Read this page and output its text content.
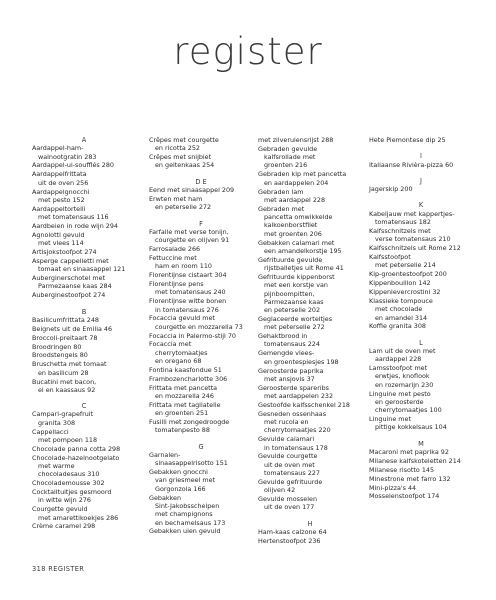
register
A
Aardappel-ham-
walnootgratin 283
Aardappel-ui-soufflés 280
Aardappelfrittata
uit de oven 256
Aardappelgnocchi
met pesto 152
Aardappeltortelli
met tomatensaus 116
Aardbeien in rode wijn 294
Agnolotti gevuld
met vlees 114
Artisjokstoofpot 274
Asperge cappelletti met
tomaat en sinaasappel 121
Auberginerschotel met
Parmezaanse kaas 284
Auberginestoofpot 274
B
Basilicumfrittata 248
Beignets uit de Emilia 46
Broccoli-preitaart 78
Broodringen 80
Broodstengels 80
Bruschetta met tomaat
en basilicum 28
Bucatini met bacon,
ei en kaassaus 92
C
Campari-grapefruit
granita 308
Cappellacci
met pompoen 118
Chocolade panna cotta 298
Chocolade-hazelnootgelato
met warme
chocoladesaus 310
Chocolademousse 302
Cocktailtuitjes gesmoord
in witte wijn 276
Courgette gevuld
met amarettikoekjes 286
Crème caramel 298
Crêpes met courgette
en ricotta 252
Crêpes met snijbiet
en geitenkaas 254
D E
Eend met sinaasappel 209
Erwten met ham
en peterselie 272
F
Farfalle met verse tonijn,
courgette en olijven 91
Farrosalade 266
Fettuccine met
ham en room 110
Florentijnse cistaart 304
Florentijnse pens
met tomatensaus 240
Florentijnse witte bonen
in tomatensaus 276
Focaccia gevuld met
courgette en mozzarella 73
Focaccia in Palermo-stijl 70
Focaccia met
cherrytomaatjes
en oregano 68
Fontina kaasfondue 51
Frambozencharlotte 306
Frittata met pancetta
en mozzarella 246
Frittata met tagliatelle
en groenten 251
Fusilli met zongedroogde
tomatenpesto 88
G
Garnalen-
sinaasappelrisotto 151
Gebakken gnocchi
van griesmeel met
Gorgonzola 166
Gebakken
Sint-Jakobsschelpen
met champignons
en bechamelsaus 173
Gebakken uien gevuld
met zilveruiensrijst 288
Gebraden gevulde
kalfsrollade met
groenten 216
Gebraden kip met pancetta
en aardappelen 204
Gebraden lam
met aardappel 228
Gebraden met
pancetta omwikkelde
kalkoenborstfilet
met groenten 206
Gebakken calamari met
een amandelkorstje 195
Gefrituurde gevulde
rijstballetjes uit Rome 41
Gefrituurde kippenborst
met een korstje van
pijnboompitten,
Parmezaanse kaas
en peterselie 202
Geglaceerde worteltjes
met peterselie 272
Gehaktbrood in
tomatensaus 224
Gemengde vlees-
en groentespiesjes 198
Geroosterde paprika
met ansjovis 37
Geroosterde spareribs
met aardappelen 232
Gestoofde kalfsschenkel 218
Gesneden ossenhaas
met rucola en
cherrytomaatjes 220
Gevulde calamari
in tomatensaus 178
Gevulde courgette
uit de oven met
tomatensaus 227
Gevulde gefrituurde
olijven 42
Gevulde mosselen
uit de oven 177
H
Ham-kaas calzone 64
Hertenstoofpot 236
Hete Piemontese dip 25
I
Italiaanse Rivièra-pizza 60
J
Jagerskip 200
K
Kabeljauw met kappertjes-
tomatensaus 182
Kalfsschnitzels met
verse tomatensaus 210
Kalfsschnitzels uit Rome 212
Kalfsstoofpot
met peterselie 214
Kip-groentestoofpot 200
Kippenbouillon 142
Kippenlevercrostini 32
Klassieke tompouce
met chocolade
en amandel 314
Koffie granita 308
L
Lam uit de oven met
aardappel 228
Lamsstoofpot met
erwtjes, knoflook
en rozemarijn 230
Linguine met pesto
en geroosterde
cherrytomaatjes 100
Linguine met
pittige kokkelsaus 104
M
Macaroni met paprika 92
Milanese kalfskoteletten 214
Milanese risotto 145
Minestrone met farro 132
Mini-pizza's 44
Mosselenstoofpot 174
318 REGISTER
